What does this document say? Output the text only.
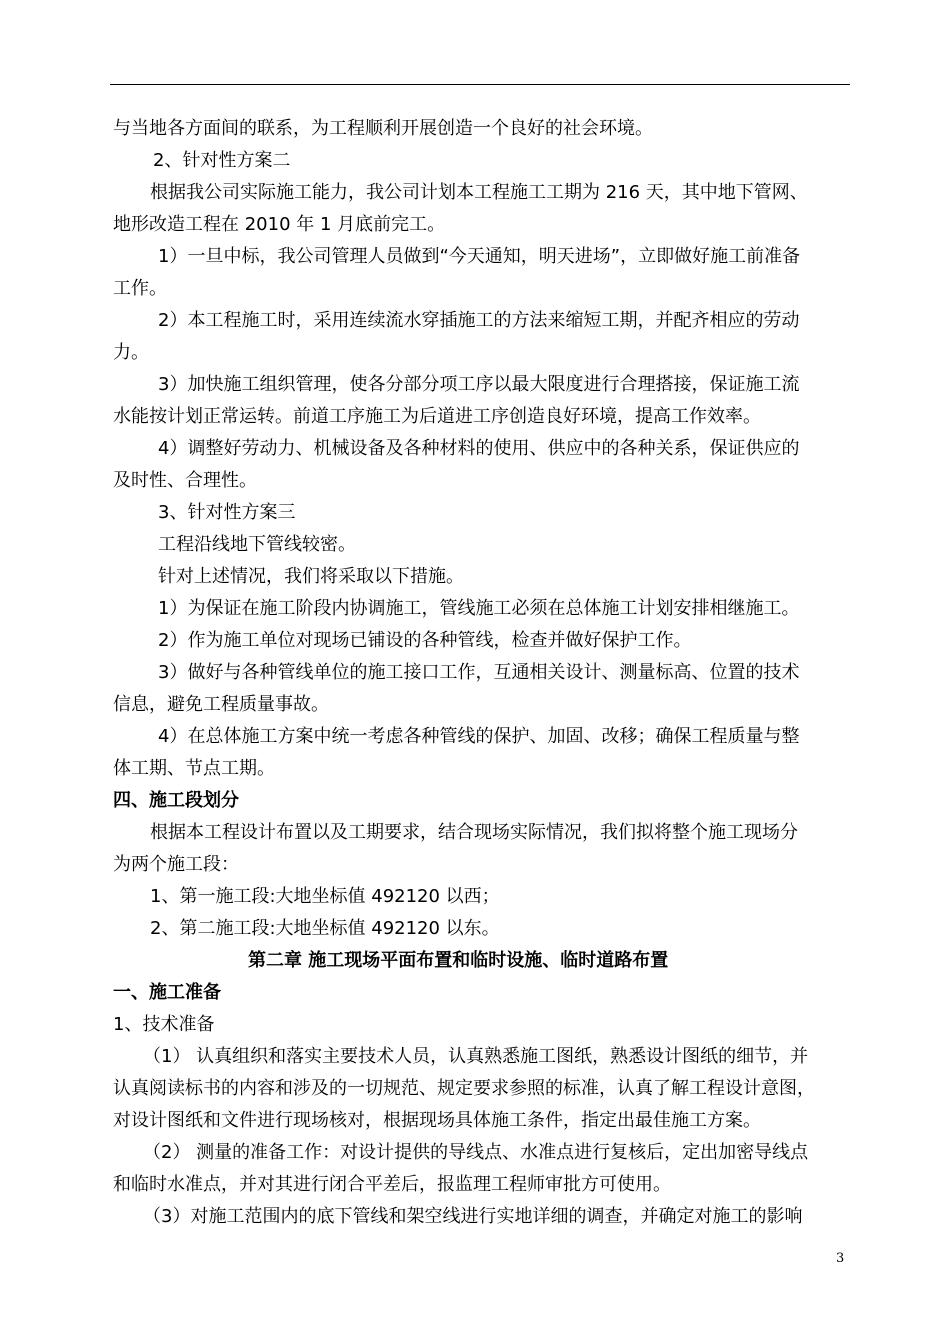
与当地各方面间的联系，为工程顺利开展创造一个良好的社会环境。
2、针对性方案二
根据我公司实际施工能力，我公司计划本工程施工工期为 216 天，其中地下管网、
地形改造工程在 2010 年 1 月底前完工。
1）一旦中标，我公司管理人员做到“今天通知，明天进场”，立即做好施工前准备
工作。
2）本工程施工时，采用连续流水穿插施工的方法来缩短工期，并配齐相应的劳动
力。
3）加快施工组织管理，使各分部分项工序以最大限度进行合理搭接，保证施工流
水能按计划正常运转。前道工序施工为后道进工序创造良好环境，提高工作效率。
4）调整好劳动力、机械设备及各种材料的使用、供应中的各种关系，保证供应的
及时性、合理性。
3、针对性方案三
工程沿线地下管线较密。
针对上述情况，我们将采取以下措施。
1）为保证在施工阶段内协调施工，管线施工必须在总体施工计划安排相继施工。
2）作为施工单位对现场已铺设的各种管线，检查并做好保护工作。
3）做好与各种管线单位的施工接口工作，互通相关设计、测量标高、位置的技术
信息，避免工程质量事故。
4）在总体施工方案中统一考虑各种管线的保护、加固、改移；确保工程质量与整
体工期、节点工期。
四、施工段划分
根据本工程设计布置以及工期要求，结合现场实际情况，我们拟将整个施工现场分
为两个施工段：
1、第一施工段:大地坐标值 492120 以西；
2、第二施工段:大地坐标值 492120 以东。
第二章 施工现场平面布置和临时设施、临时道路布置
一、施工准备
1、技术准备
（1） 认真组织和落实主要技术人员，认真熟悉施工图纸，熟悉设计图纸的细节，并
认真阅读标书的内容和涉及的一切规范、规定要求参照的标准，认真了解工程设计意图，
对设计图纸和文件进行现场核对，根据现场具体施工条件，指定出最佳施工方案。
（2） 测量的准备工作：对设计提供的导线点、水准点进行复核后，定出加密导线点
和临时水准点，并对其进行闭合平差后，报监理工程师审批方可使用。
（3）对施工范围内的底下管线和架空线进行实地详细的调查，并确定对施工的影响
3
